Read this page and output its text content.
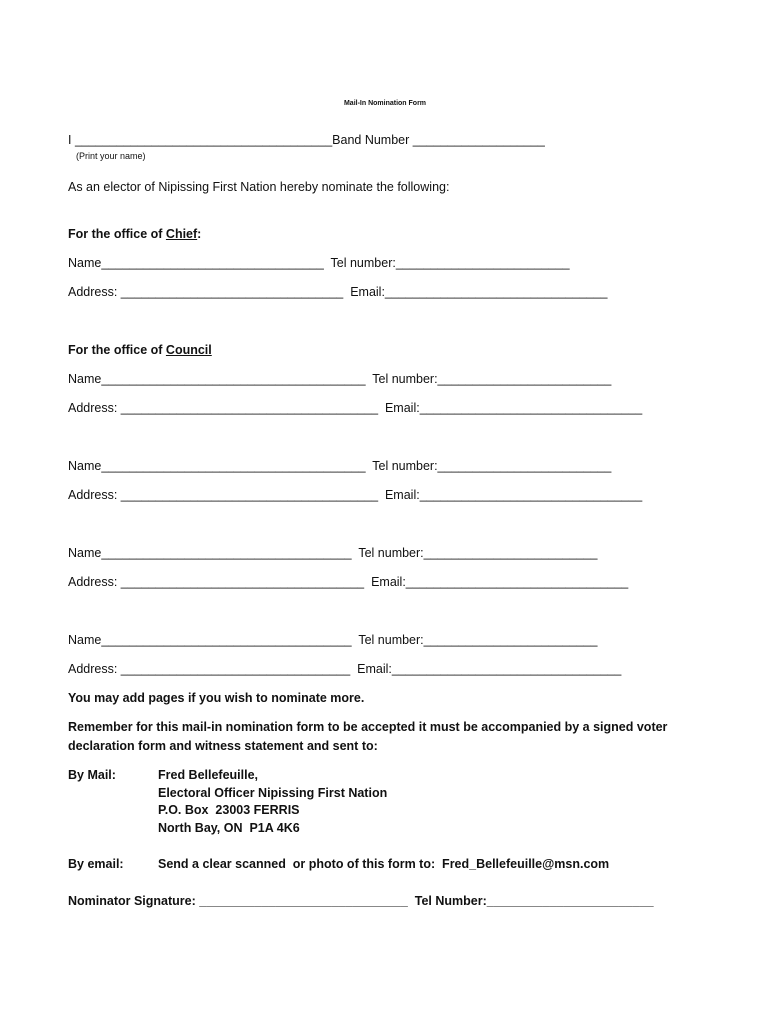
Mail-In Nomination Form
I _____________________________________Band Number ___________________
(Print your name)
As an elector of Nipissing First Nation hereby nominate the following:
For the office of Chief:
Name________________________________  Tel number:_________________________
Address: ________________________________  Email:________________________________
For the office of Council
Name______________________________________  Tel number:_________________________
Address: _____________________________________  Email:________________________________
Name______________________________________  Tel number:_________________________
Address: _____________________________________  Email:________________________________
Name____________________________________  Tel number:_________________________
Address: ___________________________________  Email:________________________________
Name____________________________________  Tel number:_________________________
Address: _________________________________  Email:_________________________________
You may add pages if you wish to nominate more.
Remember for this mail-in nomination form to be accepted it must be accompanied by a signed voter
declaration form and witness statement and sent to:
By Mail:	Fred Bellefeuille,
Electoral Officer Nipissing First Nation
P.O. Box  23003 FERRIS
North Bay, ON  P1A 4K6
By email:	Send a clear scanned  or photo of this form to:  Fred_Bellefeuille@msn.com
Nominator Signature: ______________________________  Tel Number:________________________
